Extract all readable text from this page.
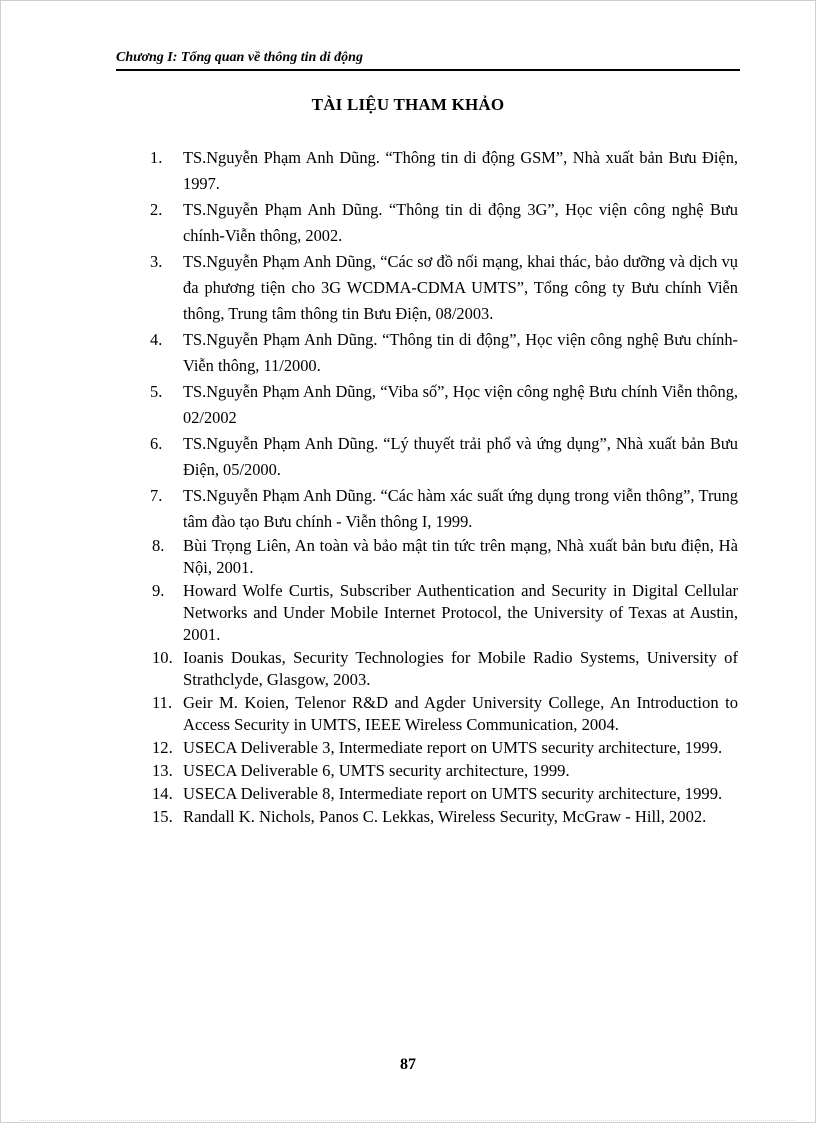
Chương I: Tổng quan về thông tin di động
TÀI LIỆU THAM KHẢO
1. TS.Nguyễn Phạm Anh Dũng. “Thông tin di động GSM”, Nhà xuất bản Bưu Điện, 1997.
2. TS.Nguyễn Phạm Anh Dũng. “Thông tin di động 3G”, Học viện công nghệ Bưu chính-Viễn thông, 2002.
3. TS.Nguyễn Phạm Anh Dũng, “Các sơ đồ nối mạng, khai thác, bảo dưỡng và dịch vụ đa phương tiện cho 3G WCDMA-CDMA UMTS”, Tổng công ty Bưu chính Viễn thông, Trung tâm thông tin Bưu Điện, 08/2003.
4. TS.Nguyễn Phạm Anh Dũng. “Thông tin di động”, Học viện công nghệ Bưu chính-Viễn thông, 11/2000.
5. TS.Nguyễn Phạm Anh Dũng, “Viba số”, Học viện công nghệ Bưu chính Viễn thông, 02/2002
6. TS.Nguyễn Phạm Anh Dũng. “Lý thuyết trải phổ và ứng dụng”, Nhà xuất bản Bưu Điện, 05/2000.
7. TS.Nguyễn Phạm Anh Dũng. “Các hàm xác suất ứng dụng trong viễn thông”, Trung tâm đào tạo Bưu chính - Viễn thông I, 1999.
8. Bùi Trọng Liên, An toàn và bảo mật tin tức trên mạng, Nhà xuất bản bưu điện, Hà Nội, 2001.
9. Howard Wolfe Curtis, Subscriber Authentication and Security in Digital Cellular Networks and Under Mobile Internet Protocol, the University of Texas at Austin, 2001.
10. Ioanis Doukas, Security Technologies for Mobile Radio Systems, University of Strathclyde, Glasgow, 2003.
11. Geir M. Koien, Telenor R&D and Agder University College, An Introduction to Access Security in UMTS, IEEE Wireless Communication, 2004.
12. USECA Deliverable 3, Intermediate report on UMTS security architecture, 1999.
13. USECA Deliverable 6, UMTS security architecture, 1999.
14. USECA Deliverable 8, Intermediate report on UMTS security architecture, 1999.
15. Randall K. Nichols, Panos C. Lekkas, Wireless Security, McGraw - Hill, 2002.
87
